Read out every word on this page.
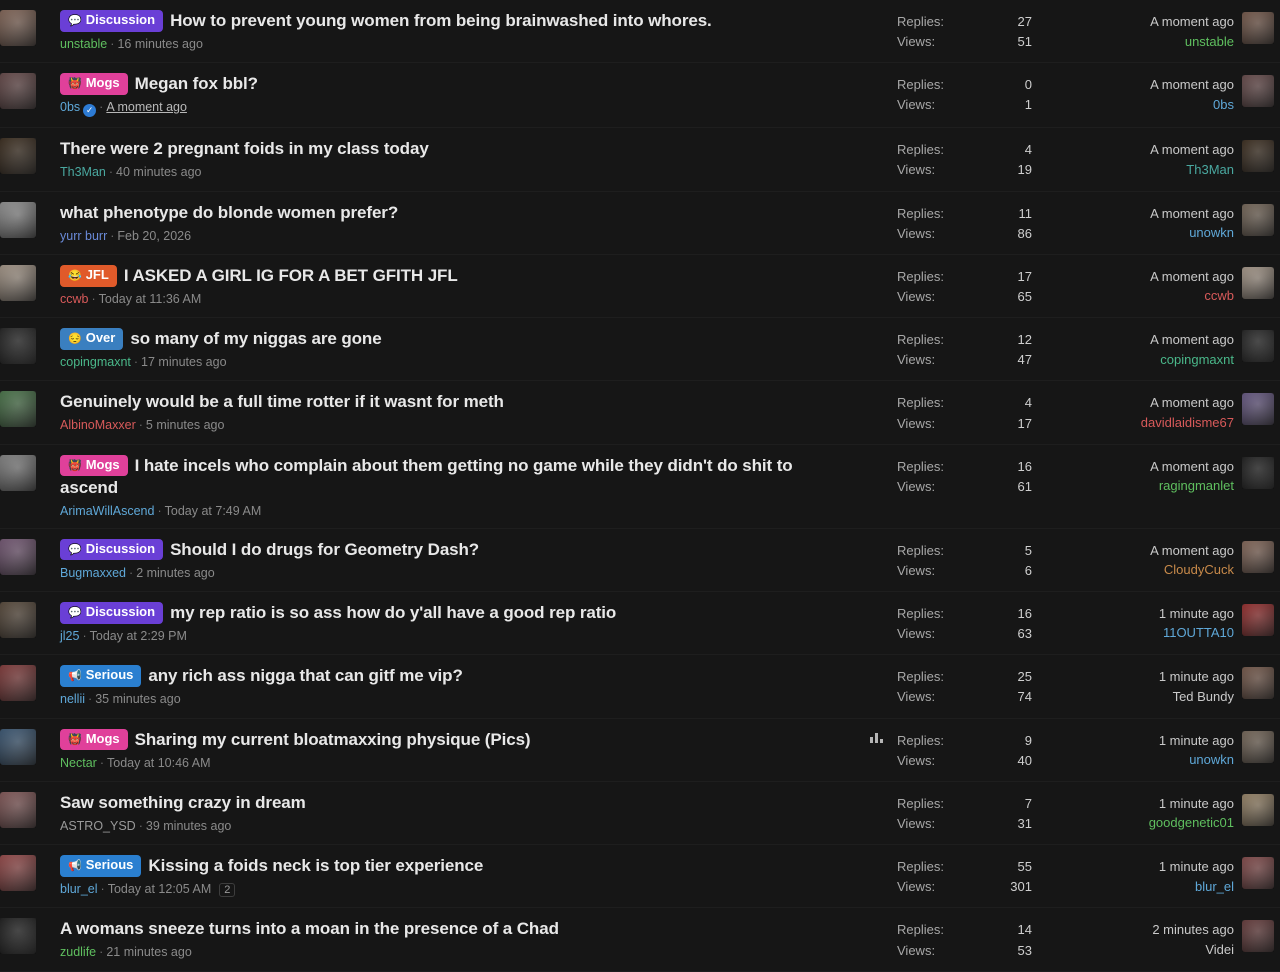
💬 Discussion How to prevent young women from being brainwashed into whores.
unstable · 16 minutes ago
Replies:	27
Views:	51
A moment ago
unstable
👹 Mogs Megan fox bbl?
0bs ✓ · A moment ago
Replies:	0
Views:	1
A moment ago
0bs
There were 2 pregnant foids in my class today
Th3Man · 40 minutes ago
Replies:	4
Views:	19
A moment ago
Th3Man
what phenotype do blonde women prefer?
yurr burr · Feb 20, 2026
Replies:	11
Views:	86
A moment ago
unowkn
😂 JFL I ASKED A GIRL IG FOR A BET GFITH JFL
ccwb · Today at 11:36 AM
Replies:	17
Views:	65
A moment ago
ccwb
😔 Over so many of my niggas are gone
copingmaxnt · 17 minutes ago
Replies:	12
Views:	47
A moment ago
copingmaxnt
Genuinely would be a full time rotter if it wasnt for meth
AlbinoMaxxer · 5 minutes ago
Replies:	4
Views:	17
A moment ago
davidlaidisme67
👹 Mogs I hate incels who complain about them getting no game while they didn't do shit to ascend
ArimaWillAscend · Today at 7:49 AM
Replies:	16
Views:	61
A moment ago
ragingmanlet
💬 Discussion Should I do drugs for Geometry Dash?
Bugmaxxed · 2 minutes ago
Replies:	5
Views:	6
A moment ago
CloudyCuck
💬 Discussion my rep ratio is so ass how do y'all have a good rep ratio
jl25 · Today at 2:29 PM
Replies:	16
Views:	63
1 minute ago
11OUTTA10
📢 Serious any rich ass nigga that can gitf me vip?
nellii · 35 minutes ago
Replies:	25
Views:	74
1 minute ago
Ted Bundy
👹 Mogs Sharing my current bloatmaxxing physique (Pics)
Nectar · Today at 10:46 AM
Replies:	9
Views:	40
1 minute ago
unowkn
Saw something crazy in dream
ASTRO_YSD · 39 minutes ago
Replies:	7
Views:	31
1 minute ago
goodgenetic01
📢 Serious Kissing a foids neck is top tier experience
blur_el · Today at 12:05 AM 2
Replies:	55
Views:	301
1 minute ago
blur_el
A womans sneeze turns into a moan in the presence of a Chad
zudlife · 21 minutes ago
Replies:	14
Views:	53
2 minutes ago
Videi
